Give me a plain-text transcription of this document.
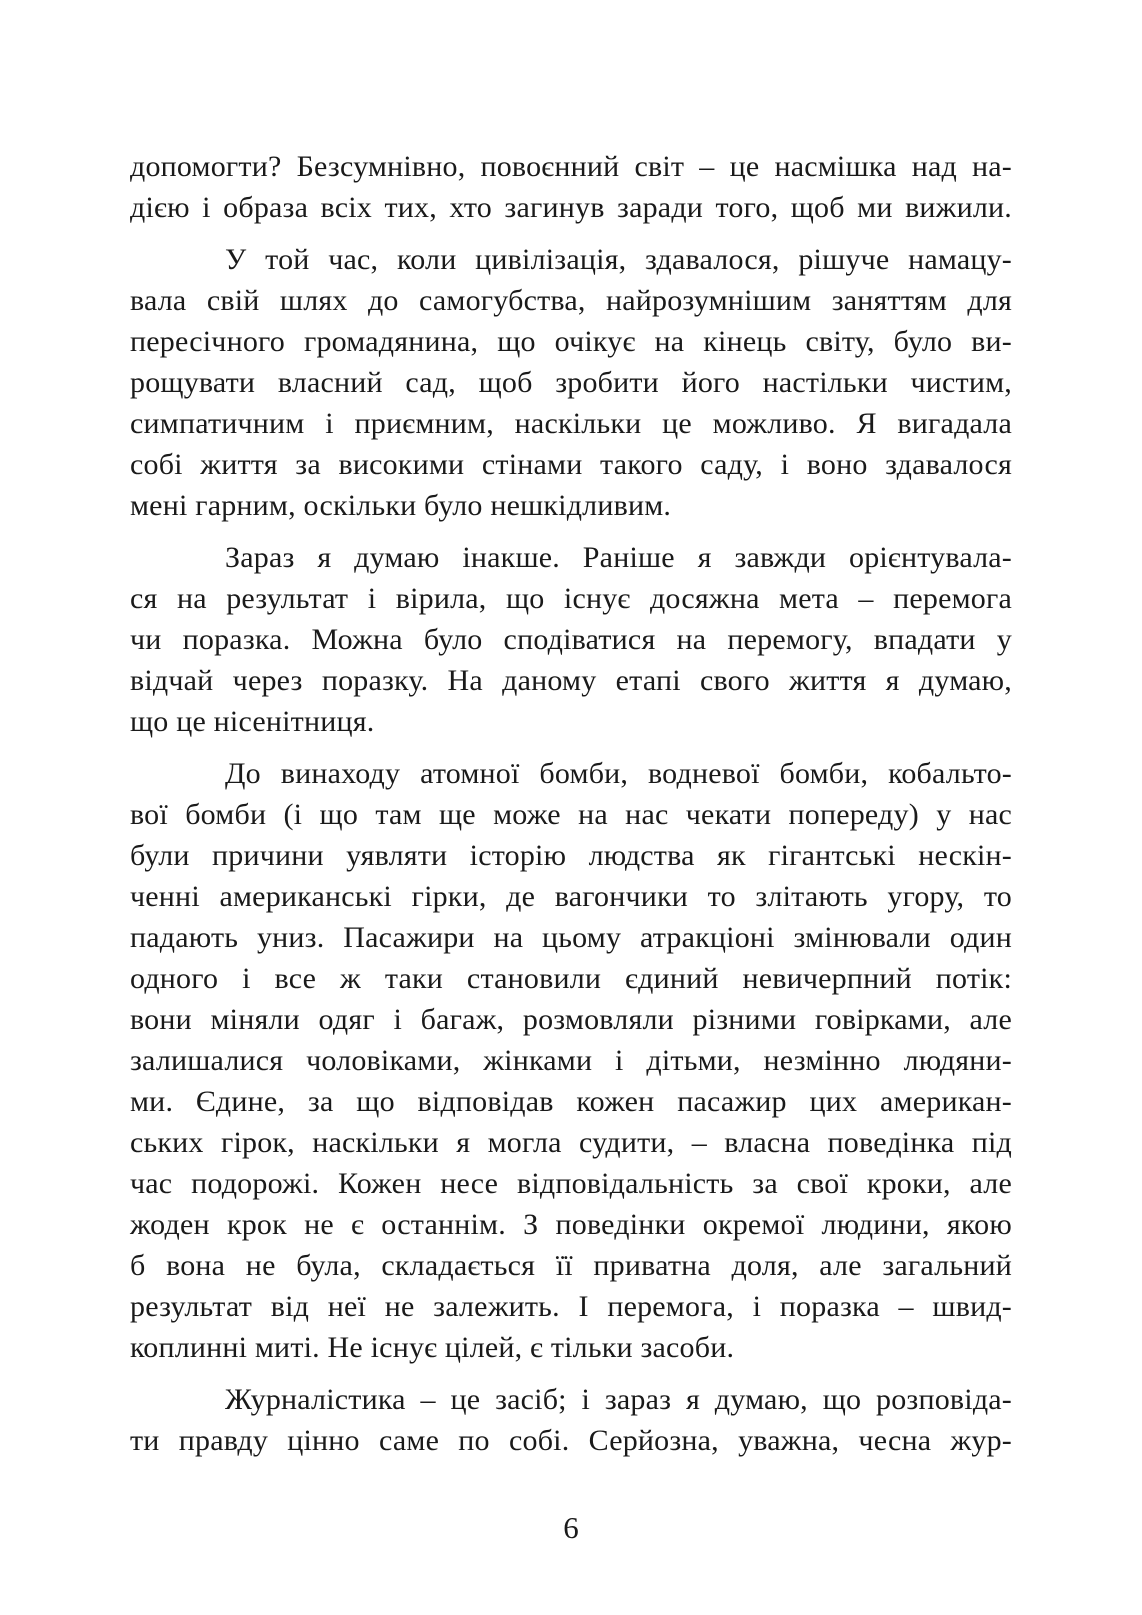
допомогти? Безсумнівно, повоєнний світ – це насмішка над на-
дією і образа всіх тих, хто загинув заради того, щоб ми вижили.

У той час, коли цивілізація, здавалося, рішуче намацу-
вала свій шлях до самогубства, найрозумнішим заняттям для
пересічного громадянина, що очікує на кінець світу, було ви-
рощувати власний сад, щоб зробити його настільки чистим,
симпатичним і приємним, наскільки це можливо. Я вигадала
собі життя за високими стінами такого саду, і воно здавалося
мені гарним, оскільки було нешкідливим.

Зараз я думаю інакше. Раніше я завжди орієнтувала-
ся на результат і вірила, що існує досяжна мета – перемога
чи поразка. Можна було сподіватися на перемогу, впадати у
відчай через поразку. На даному етапі свого життя я думаю,
що це нісенітниця.

До винаходу атомної бомби, водневої бомби, кобальто-
вої бомби (і що там ще може на нас чекати попереду) у нас
були причини уявляти історію людства як гігантські нескін-
ченні американські гірки, де вагончики то злітають угору, то
падають униз. Пасажири на цьому атракціоні змінювали один
одного і все ж таки становили єдиний невичерпний потік:
вони міняли одяг і багаж, розмовляли різними говірками, але
залишалися чоловіками, жінками і дітьми, незмінно людяни-
ми. Єдине, за що відповідав кожен пасажир цих американ-
ських гірок, наскільки я могла судити, – власна поведінка під
час подорожі. Кожен несе відповідальність за свої кроки, але
жоден крок не є останнім. З поведінки окремої людини, якою
б вона не була, складається її приватна доля, але загальний
результат від неї не залежить. І перемога, і поразка – швид-
коплинні миті. Не існує цілей, є тільки засоби.

Журналістика – це засіб; і зараз я думаю, що розповіда-
ти правду цінно саме по собі. Серйозна, уважна, чесна жур-

6
